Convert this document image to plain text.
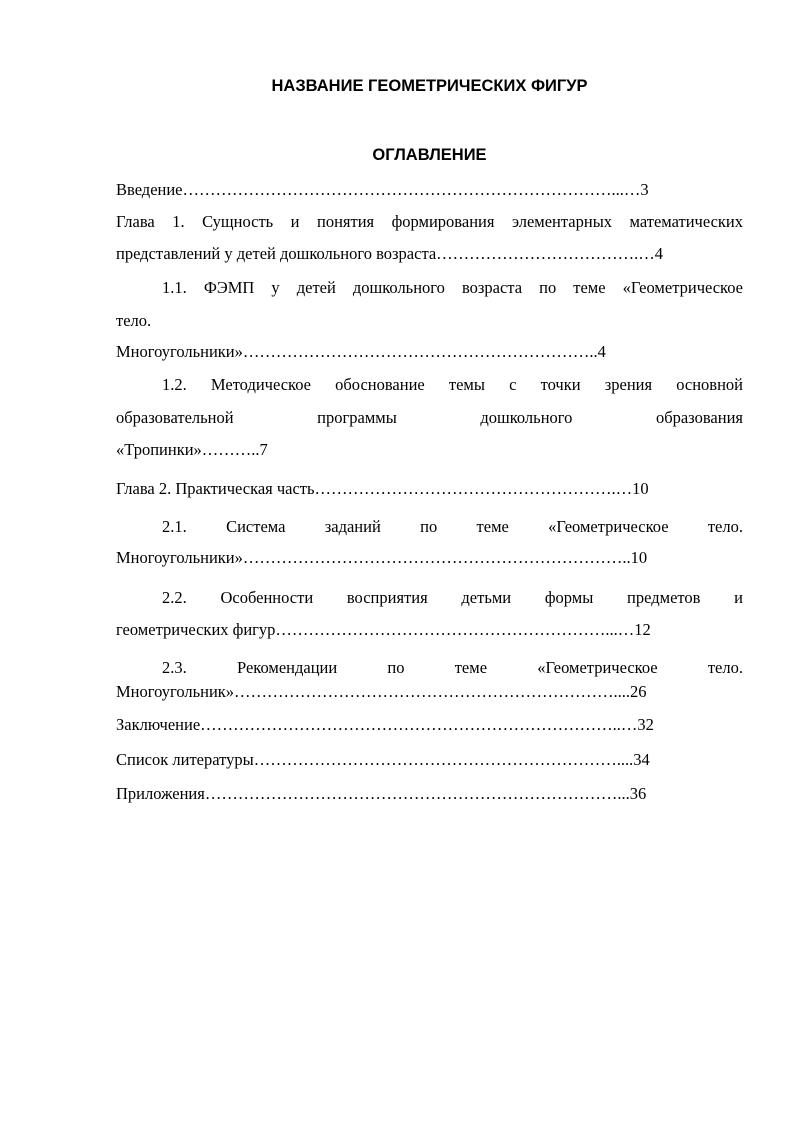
НАЗВАНИЕ ГЕОМЕТРИЧЕСКИХ ФИГУР
ОГЛАВЛЕНИЕ
Введение……………………………………………………………………...…3
Глава 1. Сущность и понятия формирования элементарных математических
представлений у детей дошкольного возраста……………………………….…4
1.1. ФЭМП у детей дошкольного возраста по теме «Геометрическое
тело.
Многоугольники»………………………………………………………..4
1.2. Методическое обоснование темы с точки зрения основной
образовательной программы дошкольного образования
«Тропинки»………..7
Глава 2. Практическая часть……………………………………………….…10
2.1. Система заданий по теме «Геометрическое тело.
Многоугольники»……………………………………………………………..10
2.2. Особенности восприятия детьми формы предметов и
геометрических фигур……………………………………………………...…12
2.3. Рекомендации по теме «Геометрическое тело.
Многоугольник»……………………………………………………………....26
Заключение…………………………………………………………………..…32
Список литературы…………………………………………………………....34
Приложения…………………………………………………………………...36
